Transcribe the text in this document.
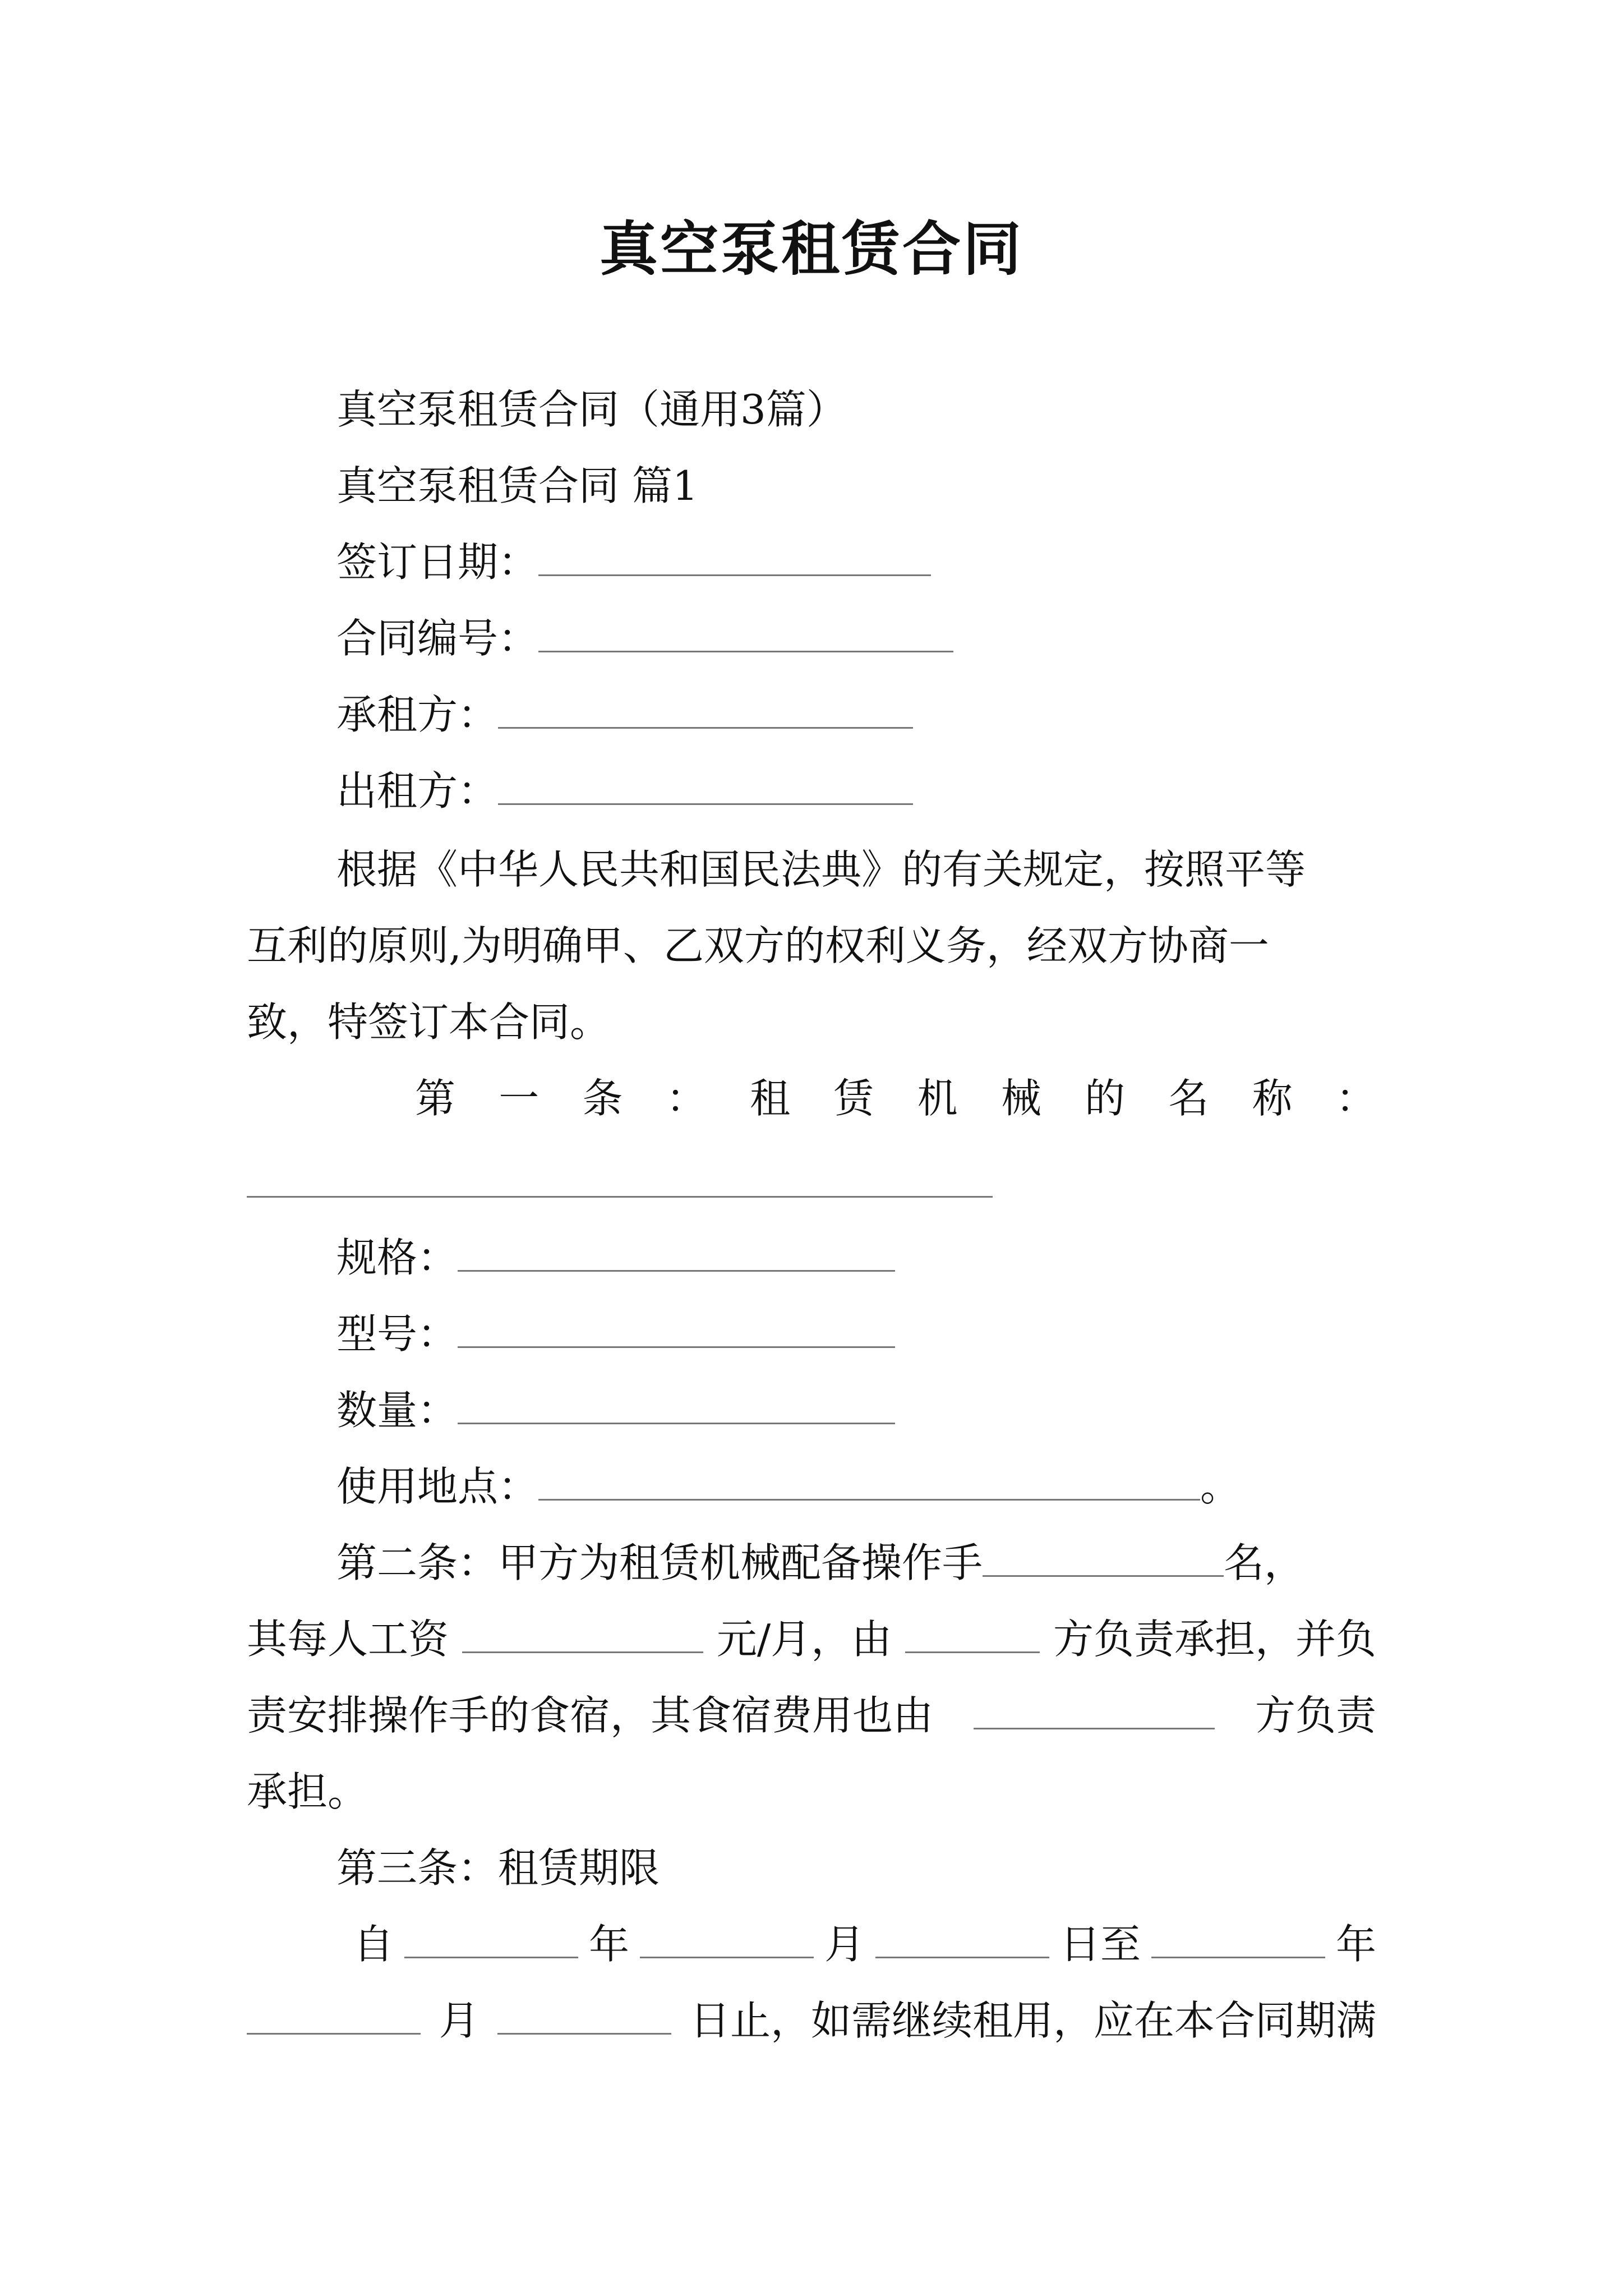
真空泵租赁合同
真空泵租赁合同（通用3篇）
真空泵租赁合同 篇1
签订日期：
合同编号：
承租方：
出租方：
根据《中华人民共和国民法典》的有关规定，按照平等
互利的原则,为明确甲、乙双方的权利义务，经双方协商一
致，特签订本合同。
第 一 条 ： 租 赁 机 械 的 名 称 ：
规格：
型号：
数量：
使用地点：	。
第二条：甲方为租赁机械配备操作手	名，
其每人工资	元/月，由	方负责承担，并负
责安排操作手的食宿，其食宿费用也由	方负责
承担。
第三条：租赁期限
自	年	月	日至	年
月	日止，如需继续租用，应在本合同期满
